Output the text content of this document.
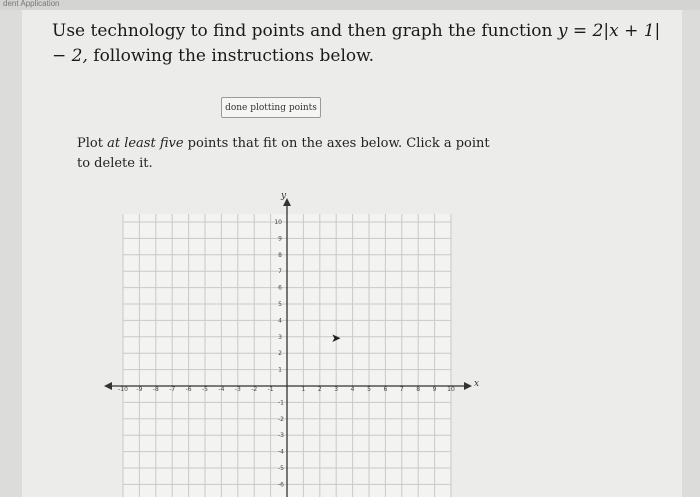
dent Application
Use technology to find points and then graph the function y = 2|x + 1| − 2, following the instructions below.
done plotting points
Plot at least five points that fit on the axes below. Click a point to delete it.
x
y
-10 -9 -8 -7 -6 -5 -4 -3 -2 -1	1 2 3 4 5 6 7 8 9 10
10
9
8
7
6
5
4
3
2
1
-1
-2
-3
-4
-5
-6
➤
